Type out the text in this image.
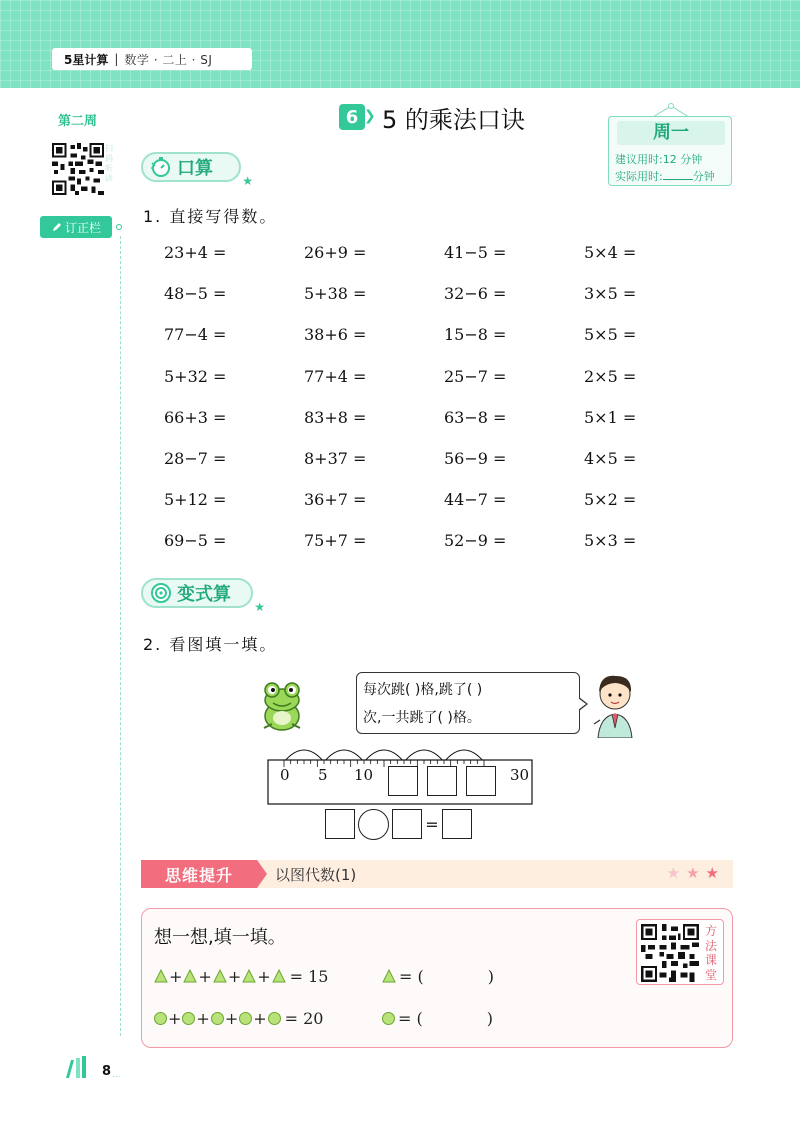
5星计算 | 数学 · 二上 · SJ
第二周
扫码听讲
订正栏
6 ❯ 5 的乘法口诀	周一
建议用时:12 分钟
实际用时:	分钟
口算
★
1. 直接写得数。
23+4 =	26+9 =	41−5 =	5×4 =
48−5 =	5+38 =	32−6 =	3×5 =
77−4 =	38+6 =	15−8 =	5×5 =
5+32 =	77+4 =	25−7 =	2×5 =
66+3 =	83+8 =	63−8 =	5×1 =
28−7 =	8+37 =	56−9 =	4×5 =
5+12 =	36+7 =	44−7 =	5×2 =
69−5 =	75+7 =	52−9 =	5×3 =
变式算
★
2. 看图填一填。
每次跳( )格,跳了( )
次,一共跳了( )格。
0 5 10	30
=
思维提升	以图代数(1)	★★★
想一想,填一填。
+ + + + = 15	= (	)
+ + + + = 20	= (	)
方法课堂
8 ...
